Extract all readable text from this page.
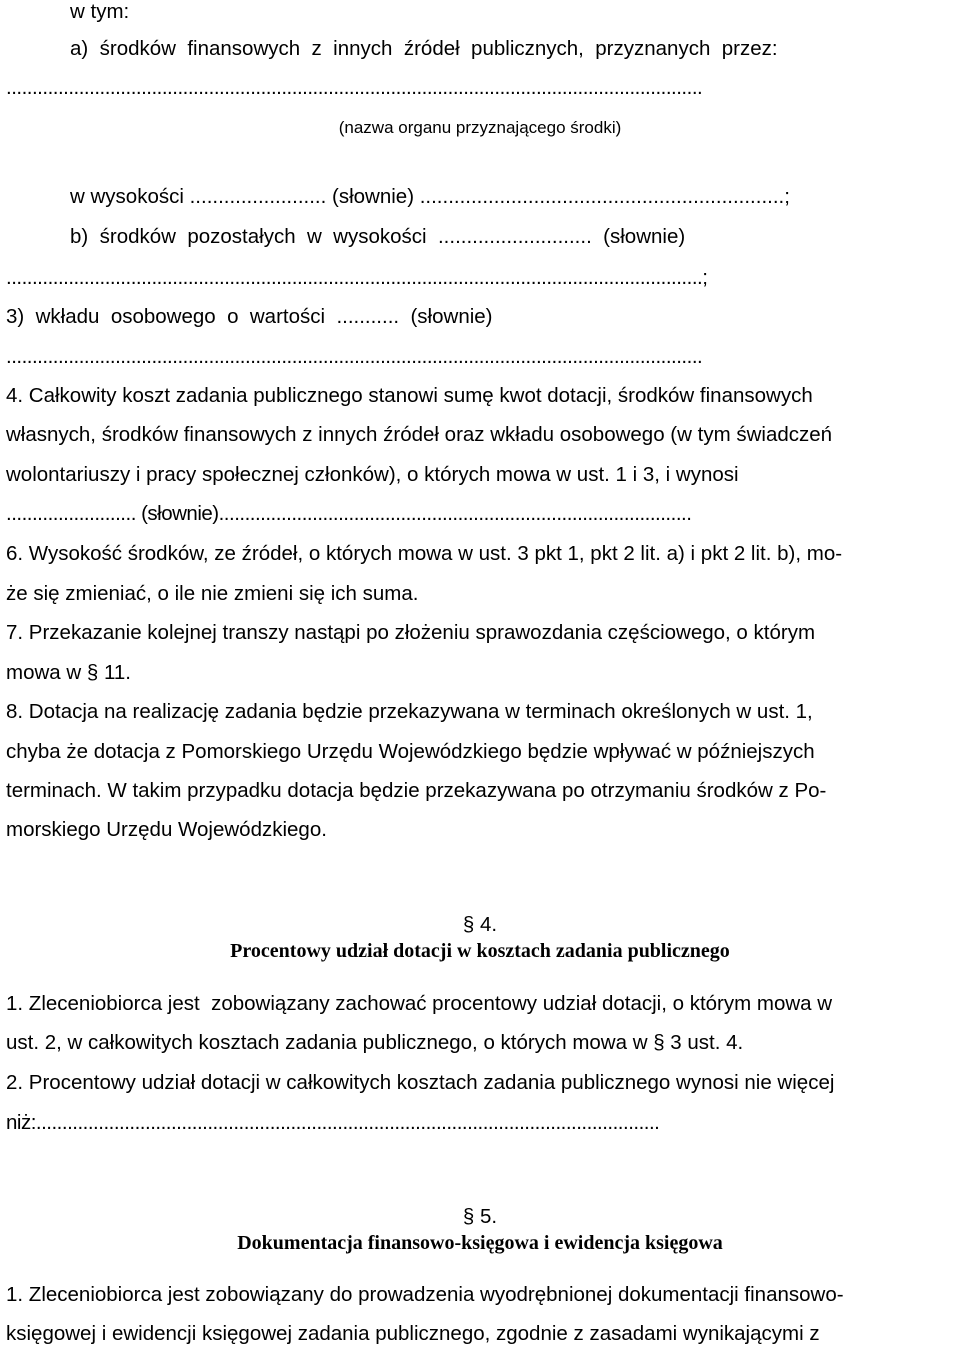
w tym:
a)  środków  finansowych  z  innych  źródeł  publicznych,  przyznanych  przez:
......................................................................................................................................
(nazwa organu przyznającego środki)
w wysokości ........................ (słownie) ................................................................;
b)  środków  pozostałych  w  wysokości  ...........................  (słownie)
......................................................................................................................................;
3)  wkładu  osobowego  o  wartości  ...........  (słownie)
......................................................................................................................................
4. Całkowity koszt zadania publicznego stanowi sumę kwot dotacji, środków finansowych
własnych, środków finansowych z innych źródeł oraz wkładu osobowego (w tym świadczeń
wolontariuszy i pracy społecznej członków), o których mowa w ust. 1 i 3, i wynosi
......................... (słownie)...........................................................................................
6. Wysokość środków, ze źródeł, o których mowa w ust. 3 pkt 1, pkt 2 lit. a) i pkt 2 lit. b), mo-
że się zmieniać, o ile nie zmieni się ich suma.
7. Przekazanie kolejnej transzy nastąpi po złożeniu sprawozdania częściowego, o którym
mowa w § 11.
8. Dotacja na realizację zadania będzie przekazywana w terminach określonych w ust. 1,
chyba że dotacja z Pomorskiego Urzędu Wojewódzkiego będzie wpływać w późniejszych
terminach. W takim przypadku dotacja będzie przekazywana po otrzymaniu środków z Po-
morskiego Urzędu Wojewódzkiego.
§ 4.
Procentowy udział dotacji w kosztach zadania publicznego
1. Zleceniobiorca jest  zobowiązany zachować procentowy udział dotacji, o którym mowa w
ust. 2, w całkowitych kosztach zadania publicznego, o których mowa w § 3 ust. 4.
2. Procentowy udział dotacji w całkowitych kosztach zadania publicznego wynosi nie więcej
niż:........................................................................................................................
§ 5.
Dokumentacja finansowo-księgowa i ewidencja księgowa
1. Zleceniobiorca jest zobowiązany do prowadzenia wyodrębnionej dokumentacji finansowo-
księgowej i ewidencji księgowej zadania publicznego, zgodnie z zasadami wynikającymi z
